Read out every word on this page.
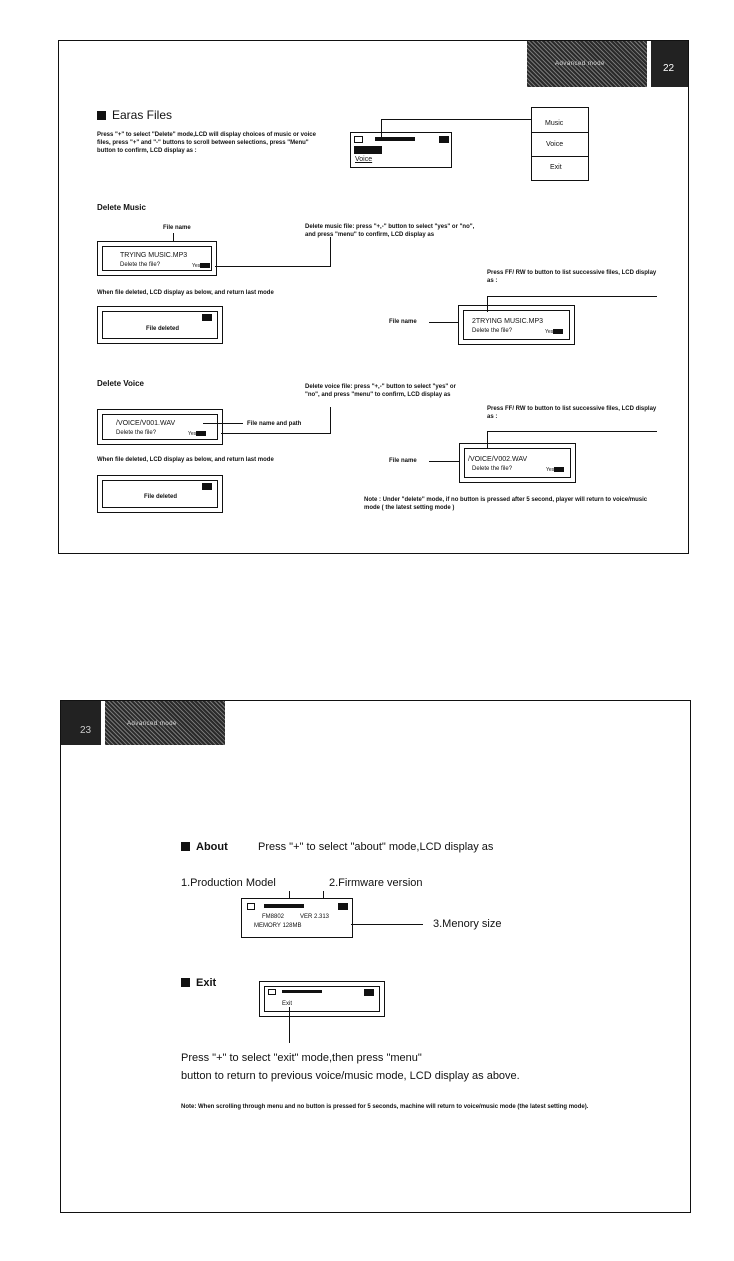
Advanced mode	22
Earas Files
Press "+" to select "Delete" mode,LCD will display choices of music or voice files, press "+" and "-" buttons to scroll between selections, press "Menu" button to confirm, LCD display as :
Voice
Music
Voice
Exit
Delete Music
File name
TRYING MUSIC.MP3
Delete the file?	Yes
Delete music file: press "+,-" button to select "yes" or "no", and press "menu" to confirm, LCD display as
When file deleted, LCD display as below, and return last mode
File deleted
Press FF/ RW to button to list successive files, LCD display as :
File name	2TRYING MUSIC.MP3
Delete the file?	Yes
Delete Voice
/VOICE/V001.WAV
Delete the file?	Yes
File name and path
Delete voice file: press "+,-" button to select "yes" or "no", and press "menu" to confirm, LCD display as
When file deleted, LCD display as below, and return last mode
File deleted
Press FF/ RW to button to list successive files, LCD display as :
File name	/VOICE/V002.WAV
Delete the file?	Yes
Note : Under "delete" mode, if no button is pressed after 5 second, player will return to voice/music mode ( the latest setting mode )
23
Advanced mode
About	Press "+" to select "about" mode,LCD display as
1.Production Model	2.Firmware version
FM8802	VER 2.313
MEMORY 128MB	3.Menory size
Exit
Exit
Press "+" to select "exit" mode,then press "menu"
button to return to previous voice/music mode, LCD display as above.
Note: When scrolling through menu and no button is pressed for 5 seconds, machine will return to voice/music mode (the latest setting mode).
